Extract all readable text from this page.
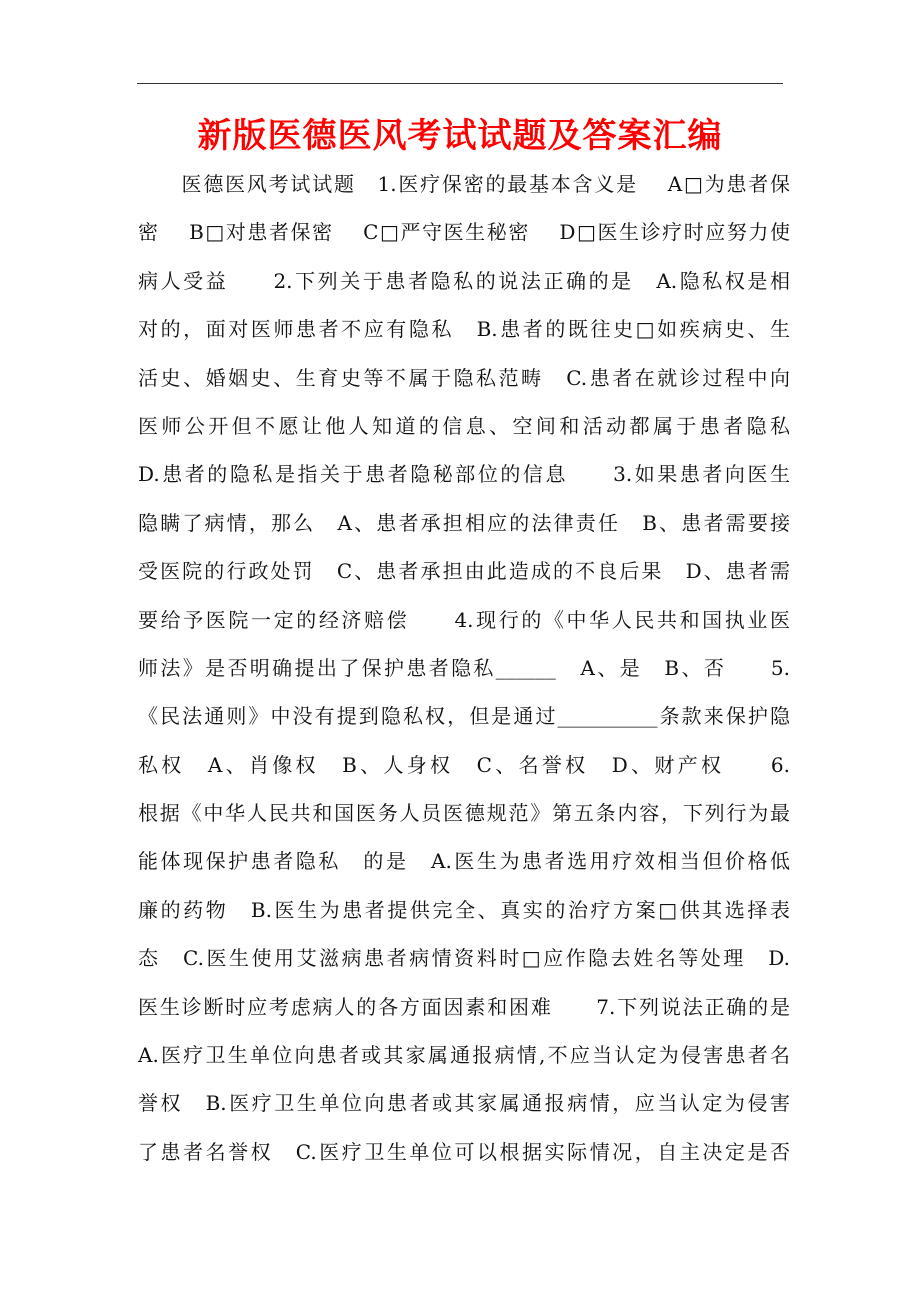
新版医德医风考试试题及答案汇编
　　医德医风考试试题　1.医疗保密的最基本含义是　 A□为患者保
密　 B□对患者保密　 C□严守医生秘密　 D□医生诊疗时应努力使
病人受益　　2.下列关于患者隐私的说法正确的是　A.隐私权是相
对的，面对医师患者不应有隐私　B.患者的既往史□如疾病史、生
活史、婚姻史、生育史等不属于隐私范畴　C.患者在就诊过程中向
医师公开但不愿让他人知道的信息、空间和活动都属于患者隐私
D.患者的隐私是指关于患者隐秘部位的信息　　3.如果患者向医生
隐瞒了病情，那么　A、患者承担相应的法律责任　B、患者需要接
受医院的行政处罚　C、患者承担由此造成的不良后果　D、患者需
要给予医院一定的经济赔偿　　4.现行的《中华人民共和国执业医
师法》是否明确提出了保护患者隐私______　A、是　B、否　　5.
《民法通则》中没有提到隐私权，但是通过__________条款来保护隐
私权　A、肖像权　B、人身权　C、名誉权　D、财产权　　6.
根据《中华人民共和国医务人员医德规范》第五条内容，下列行为最
能体现保护患者隐私　的是　A.医生为患者选用疗效相当但价格低
廉的药物　B.医生为患者提供完全、真实的治疗方案□供其选择表
态　C.医生使用艾滋病患者病情资料时□应作隐去姓名等处理　D.
医生诊断时应考虑病人的各方面因素和困难　　7.下列说法正确的是
A.医疗卫生单位向患者或其家属通报病情,不应当认定为侵害患者名
誉权　B.医疗卫生单位向患者或其家属通报病情，应当认定为侵害
了患者名誉权　C.医疗卫生单位可以根据实际情况，自主决定是否
